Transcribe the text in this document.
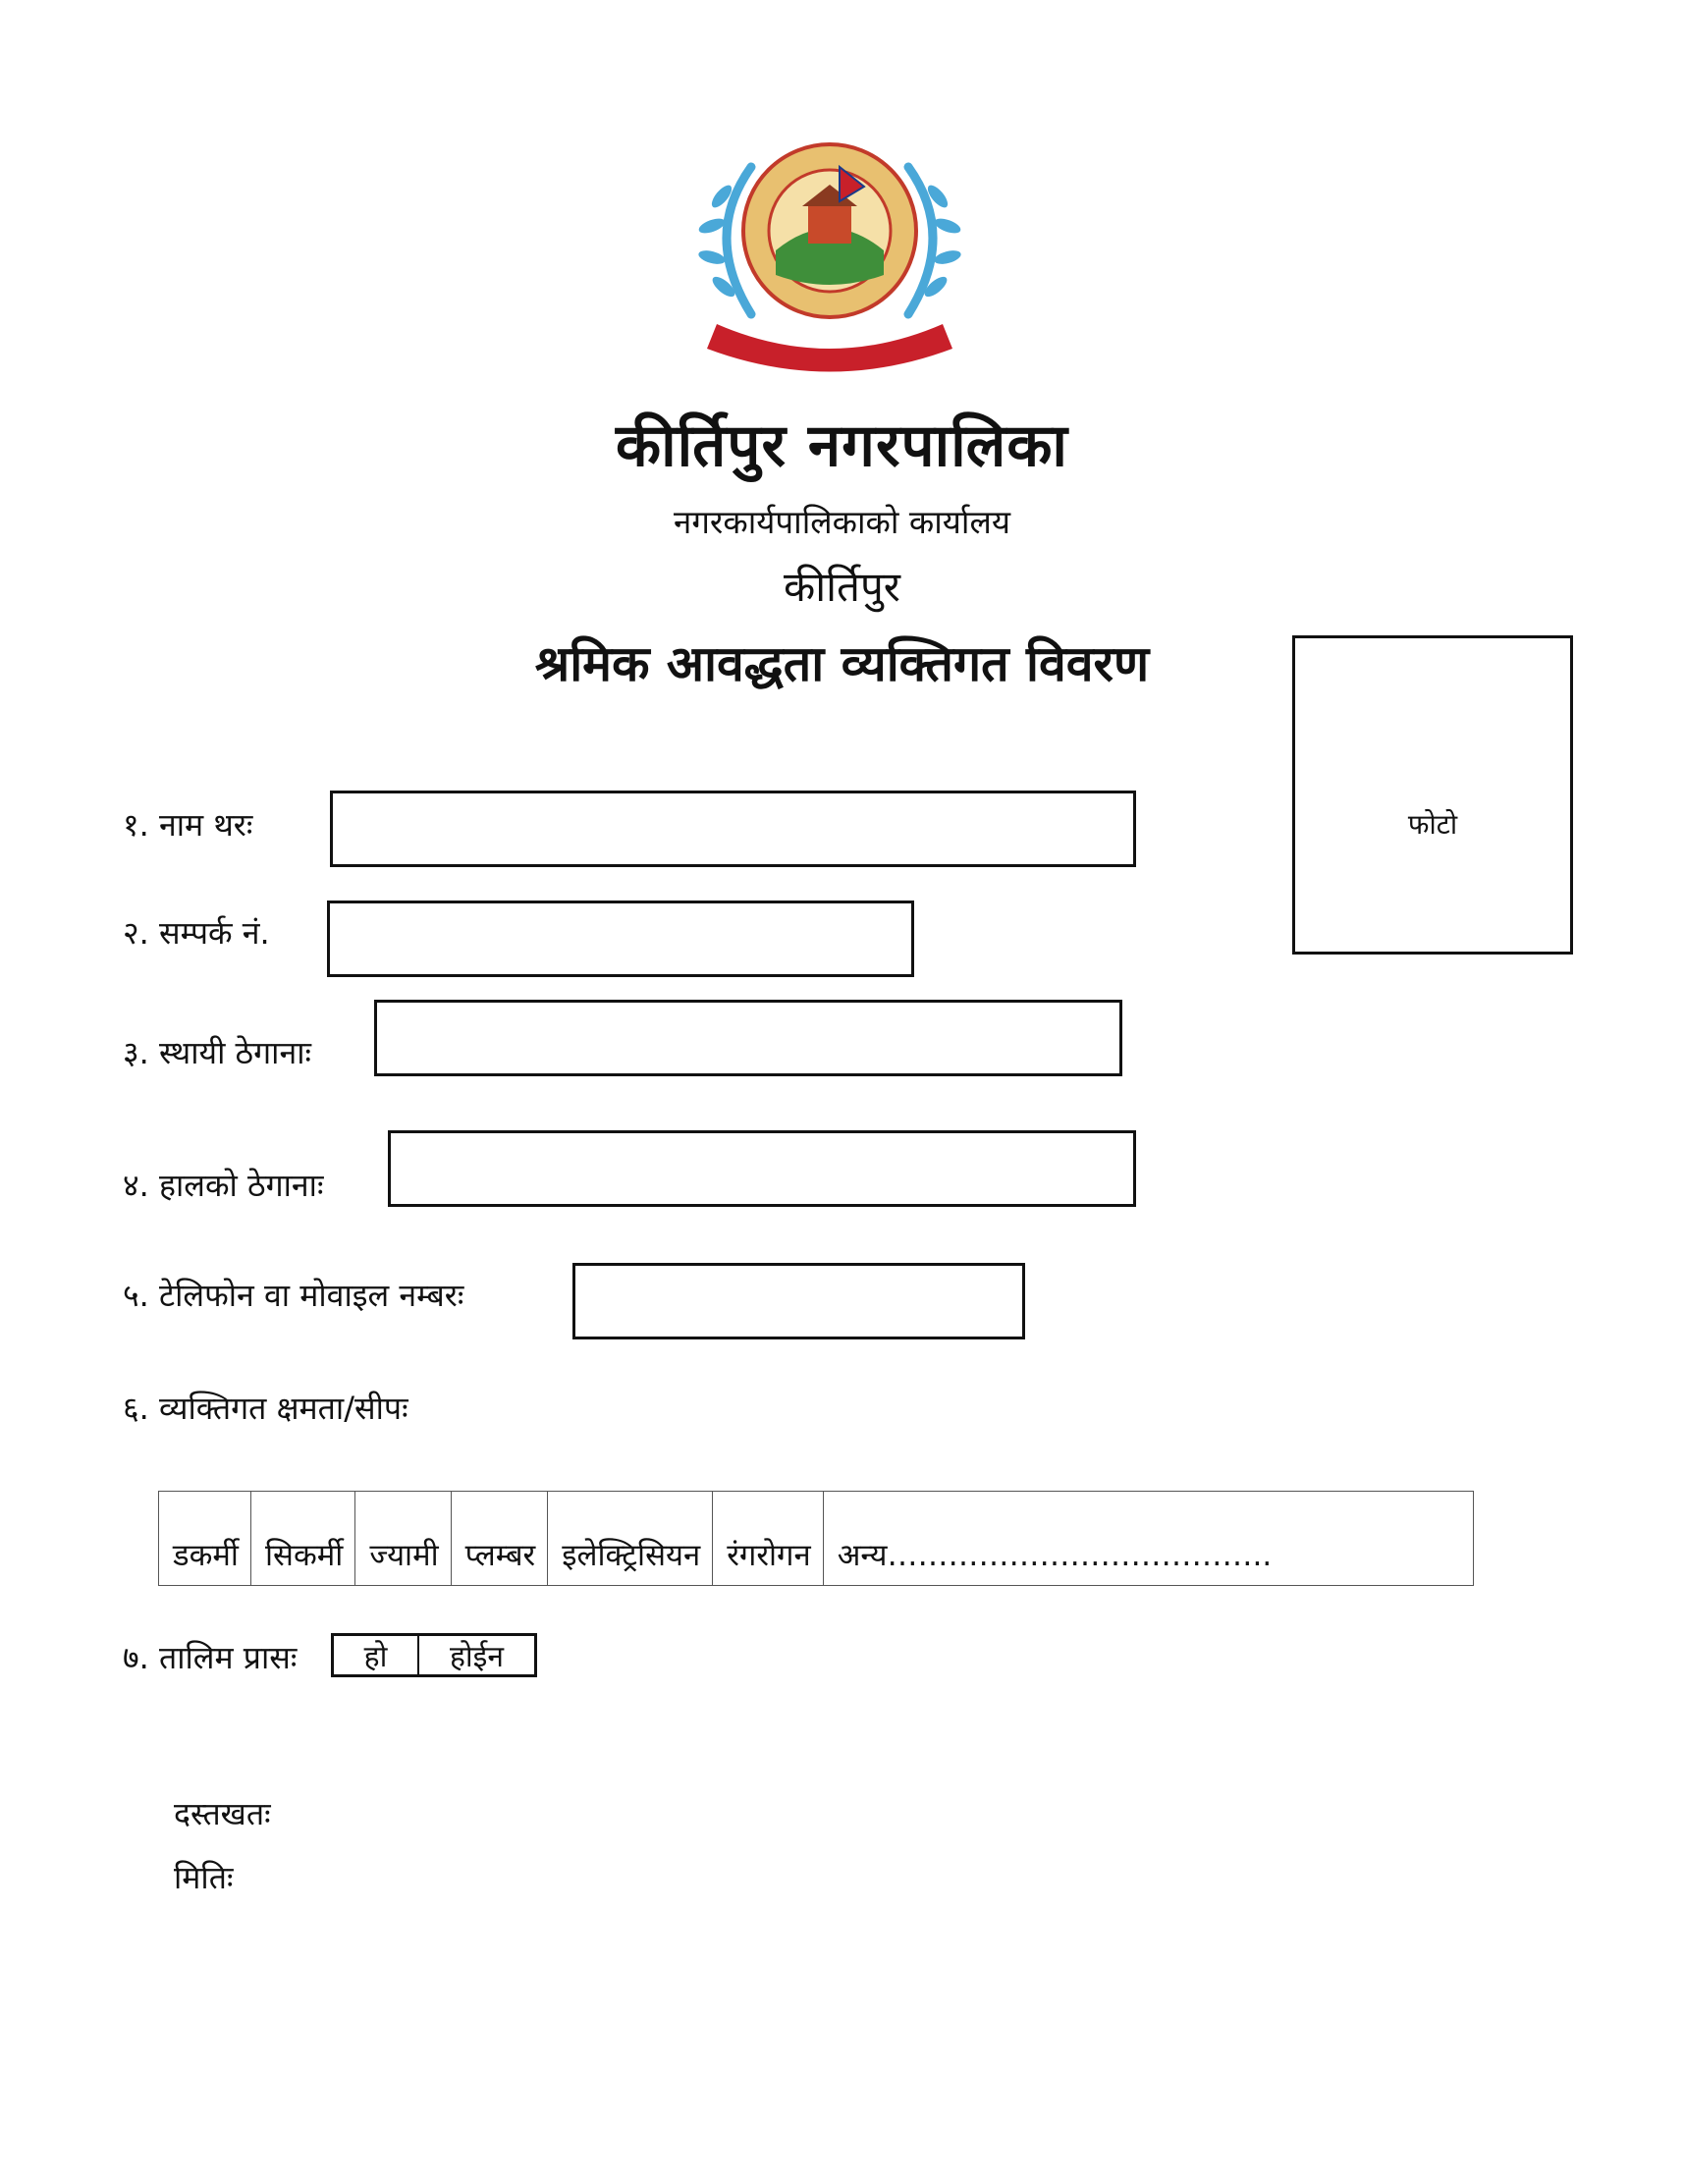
कीर्तिपुर नगरपालिका
नगरकार्यपालिकाको कार्यालय
कीर्तिपुर
श्रमिक आवद्धता व्यक्तिगत विवरण
फोटो
१. नाम थरः
२. सम्पर्क नं.
३. स्थायी ठेगानाः
४. हालको ठेगानाः
५. टेलिफोन वा मोवाइल नम्बरः
६. व्यक्तिगत क्षमता/सीपः
डकर्मी सिकर्मी ज्यामी प्लम्बर इलेक्ट्रिसियन रंगरोगन अन्य………………………………..
७. तालिम प्रासः	हो	होईन
दस्तखतः
मितिः
